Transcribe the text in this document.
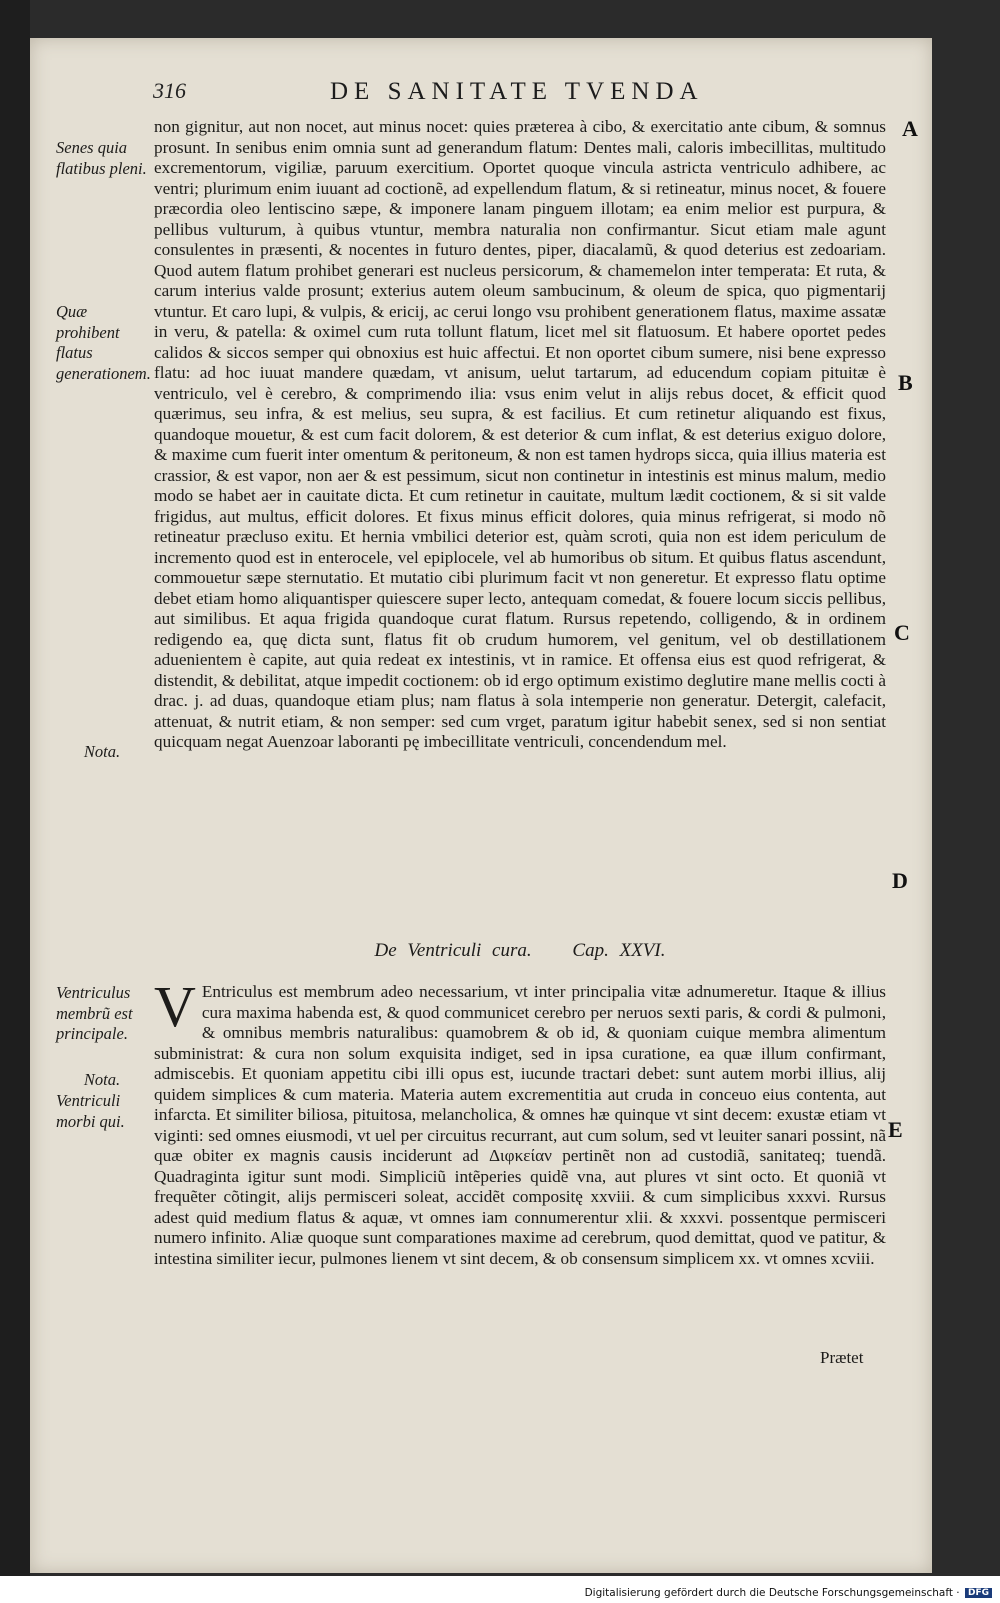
316	DE SANITATE TVENDA

non gignitur, aut non nocet, aut minus nocet: quies præterea à cibo, & exercitatio ante cibum, & somnus prosunt. In senibus enim omnia sunt ad generandum flatum: Dentes mali, caloris imbecillitas, multitudo excrementorum, vigiliæ, paruum exercitium. Oportet quoque vincula astricta ventriculo adhibere, ac ventri; plurimum enim iuuant ad coctionẽ, ad expellendum flatum, & si retineatur, minus nocet, & fouere præcordia oleo lentiscino sæpe, & imponere lanam pinguem illotam; ea enim melior est purpura, & pellibus vulturum, à quibus vtuntur, membra naturalia non confirmantur. Sicut etiam male agunt consulentes in præsenti, & nocentes in futuro dentes, piper, diacalamũ, & quod deterius est zedoariam. Quod autem flatum prohibet generari est nucleus persicorum, & chamemelon inter temperata: Et ruta, & carum interius valde prosunt; exterius autem oleum sambucinum, & oleum de spica, quo pigmentarij vtuntur. Et caro lupi, & vulpis, & ericij, ac cerui longo vsu prohibent generationem flatus, maxime assatæ in veru, & patella: & oximel cum ruta tollunt flatum, licet mel sit flatuosum. Et habere oportet pedes calidos & siccos semper qui obnoxius est huic affectui. Et non oportet cibum sumere, nisi bene expresso flatu: ad hoc iuuat mandere quædam, vt anisum, uelut tartarum, ad educendum copiam pituitæ è ventriculo, vel è cerebro, & comprimendo ilia: vsus enim velut in alijs rebus docet, & efficit quod quærimus, seu infra, & est melius, seu supra, & est facilius. Et cum retinetur aliquando est fixus, quandoque mouetur, & est cum facit dolorem, & est deterior & cum inflat, & est deterius exiguo dolore, & maxime cum fuerit inter omentum & peritoneum, & non est tamen hydrops sicca, quia illius materia est crassior, & est vapor, non aer & est pessimum, sicut non continetur in intestinis est minus malum, medio modo se habet aer in cauitate dicta. Et cum retinetur in cauitate, multum lædit coctionem, & si sit valde frigidus, aut multus, efficit dolores. Et fixus minus efficit dolores, quia minus refrigerat, si modo nõ retineatur præcluso exitu. Et hernia vmbilici deterior est, quàm scroti, quia non est idem periculum de incremento quod est in enterocele, vel epiplocele, vel ab humoribus ob situm. Et quibus flatus ascendunt, commouetur sæpe sternutatio. Et mutatio cibi plurimum facit vt non generetur. Et expresso flatu optime debet etiam homo aliquantisper quiescere super lecto, antequam comedat, & fouere locum siccis pellibus, aut similibus. Et aqua frigida quandoque curat flatum. Rursus repetendo, colligendo, & in ordinem redigendo ea, quę dicta sunt, flatus fit ob crudum humorem, vel genitum, vel ob destillationem aduenientem è capite, aut quia redeat ex intestinis, vt in ramice. Et offensa eius est quod refrigerat, & distendit, & debilitat, atque impedit coctionem: ob id ergo optimum existimo deglutire mane mellis cocti à drac. j. ad duas, quandoque etiam plus; nam flatus à sola intemperie non generatur. Detergit, calefacit, attenuat, & nutrit etiam, & non semper: sed cum vrget, paratum igitur habebit senex, sed si non sentiat quicquam negat Auenzoar laboranti pę imbecillitate ventriculi, concendendum mel.

De Ventriculi cura. Cap. XXVI.
V Entriculus est membrum adeo necessarium, vt inter principalia vitæ adnumeretur. Itaque & illius cura maxima habenda est, & quod communicet cerebro per neruos sexti paris, & cordi & pulmoni, & omnibus membris naturalibus: quamobrem & ob id, & quoniam cuique membra alimentum subministrat: & cura non solum exquisita indiget, sed in ipsa curatione, ea quæ illum confirmant, admiscebis. Et quoniam appetitu cibi illi opus est, iucunde tractari debet: sunt autem morbi illius, alij quidem simplices & cum materia. Materia autem excrementitia aut cruda in conceuo eius contenta, aut infarcta. Et similiter biliosa, pituitosa, melancholica, & omnes hæ quinque vt sint decem: exustæ etiam vt viginti: sed omnes eiusmodi, vt uel per circuitus recurrant, aut cum solum, sed vt leuiter sanari possint, nã quæ obiter ex magnis causis inciderunt ad Διφκείαν pertinẽt non ad custodiã, sanitateq; tuendã. Quadraginta igitur sunt modi. Simpliciũ intẽperies quidẽ vna, aut plures vt sint octo. Et quoniã vt frequẽter cõtingit, alijs permisceri soleat, accidẽt compositę xxviii. & cum simplicibus xxxvi. Rursus adest quid medium flatus & aquæ, vt omnes iam connumerentur xlii. & xxxvi. possentque permisceri numero infinito. Aliæ quoque sunt comparationes maxime ad cerebrum, quod demittat, quod ve patitur, & intestina similiter iecur, pulmones lienem vt sint decem, & ob consensum simplicem xx. vt omnes xcviii.

Prætet
Senes quia flatibus pleni.
Quæ prohibent flatus generationem.
Nota.
Ventriculus membrũ est principale.
Nota.
Ventriculi morbi qui.
A
B
C
D
E
Digitalisierung gefördert durch die Deutsche Forschungsgemeinschaft · DFG
